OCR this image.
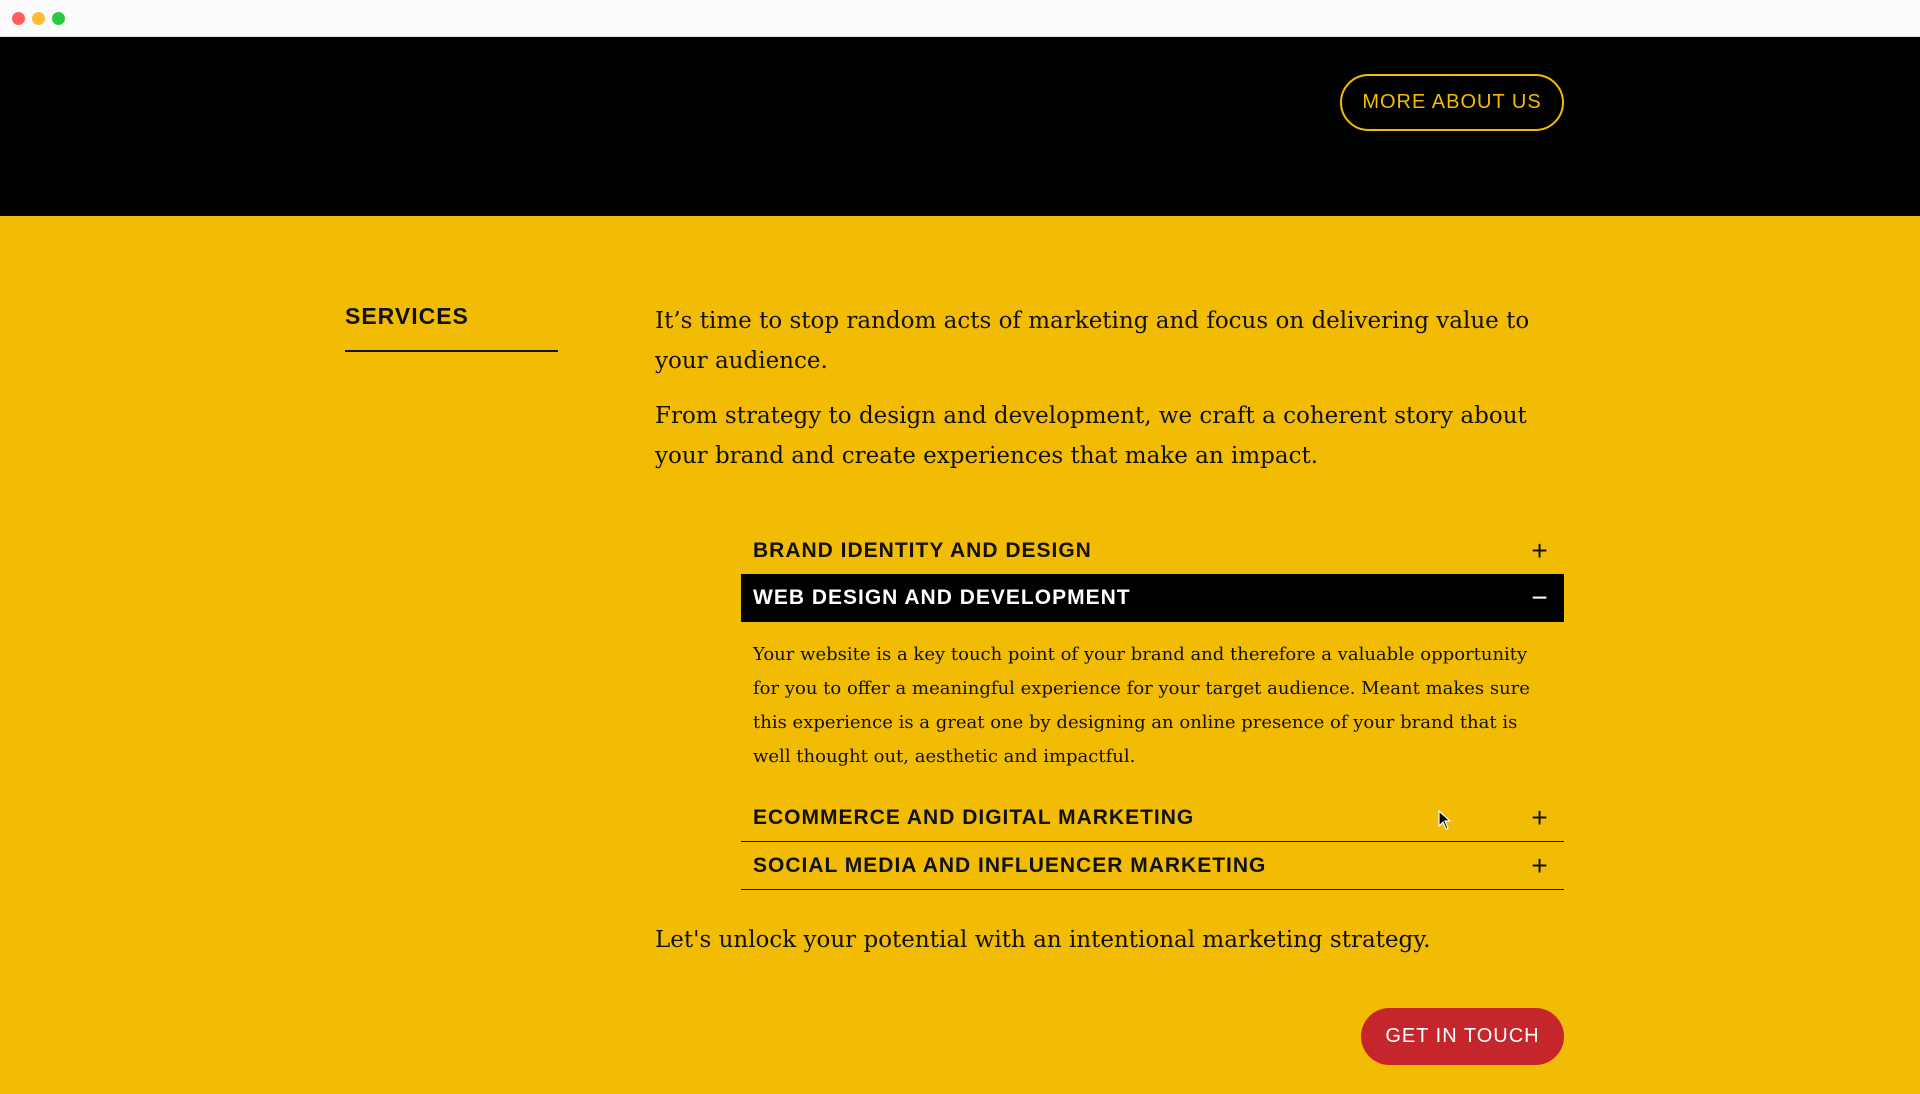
MORE ABOUT US
SERVICES	It’s time to stop random acts of marketing and focus on delivering value to your audience.

From strategy to design and development, we craft a coherent story about your brand and create experiences that make an impact.

BRAND IDENTITY AND DESIGN	+
WEB DESIGN AND DEVELOPMENT	−
Your website is a key touch point of your brand and therefore a valuable opportunity for you to offer a meaningful experience for your target audience. Meant makes sure this experience is a great one by designing an online presence of your brand that is well thought out, aesthetic and impactful.
ECOMMERCE AND DIGITAL MARKETING	+
SOCIAL MEDIA AND INFLUENCER MARKETING	+

Let's unlock your potential with an intentional marketing strategy.

GET IN TOUCH
